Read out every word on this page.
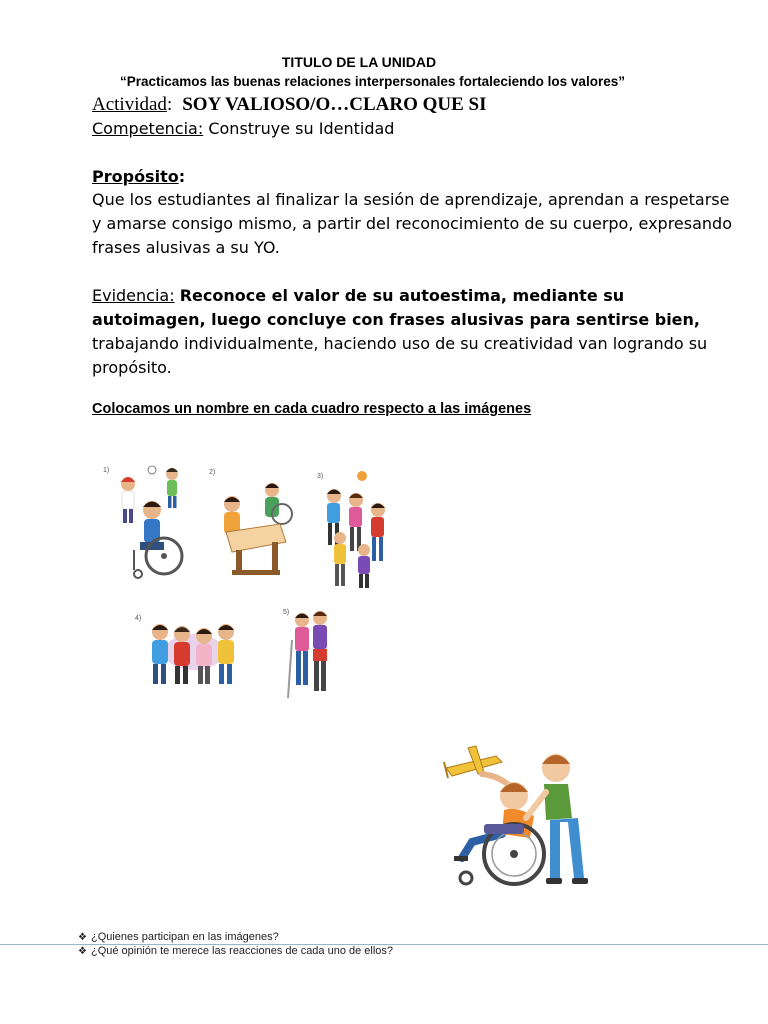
TITULO DE LA UNIDAD
“Practicamos las buenas relaciones interpersonales fortaleciendo los valores”
Actividad: SOY VALIOSO/O…CLARO QUE SI
Competencia: Construye su Identidad
Propósito:
Que los estudiantes al finalizar la sesión de aprendizaje, aprendan a respetarse y amarse consigo mismo, a partir del reconocimiento de su cuerpo, expresando frases alusivas a su YO.
Evidencia: Reconoce el valor de su autoestima, mediante su autoimagen, luego concluye con frases alusivas para sentirse bien, trabajando individualmente, haciendo uso de su creatividad van logrando su propósito.
Colocamos un nombre en cada cuadro respecto a las imágenes
1)	2)
3)
4)
5)
❖ ¿Quienes participan en las imágenes?
❖ ¿Qué opinión te merece las reacciones de cada uno de ellos?
